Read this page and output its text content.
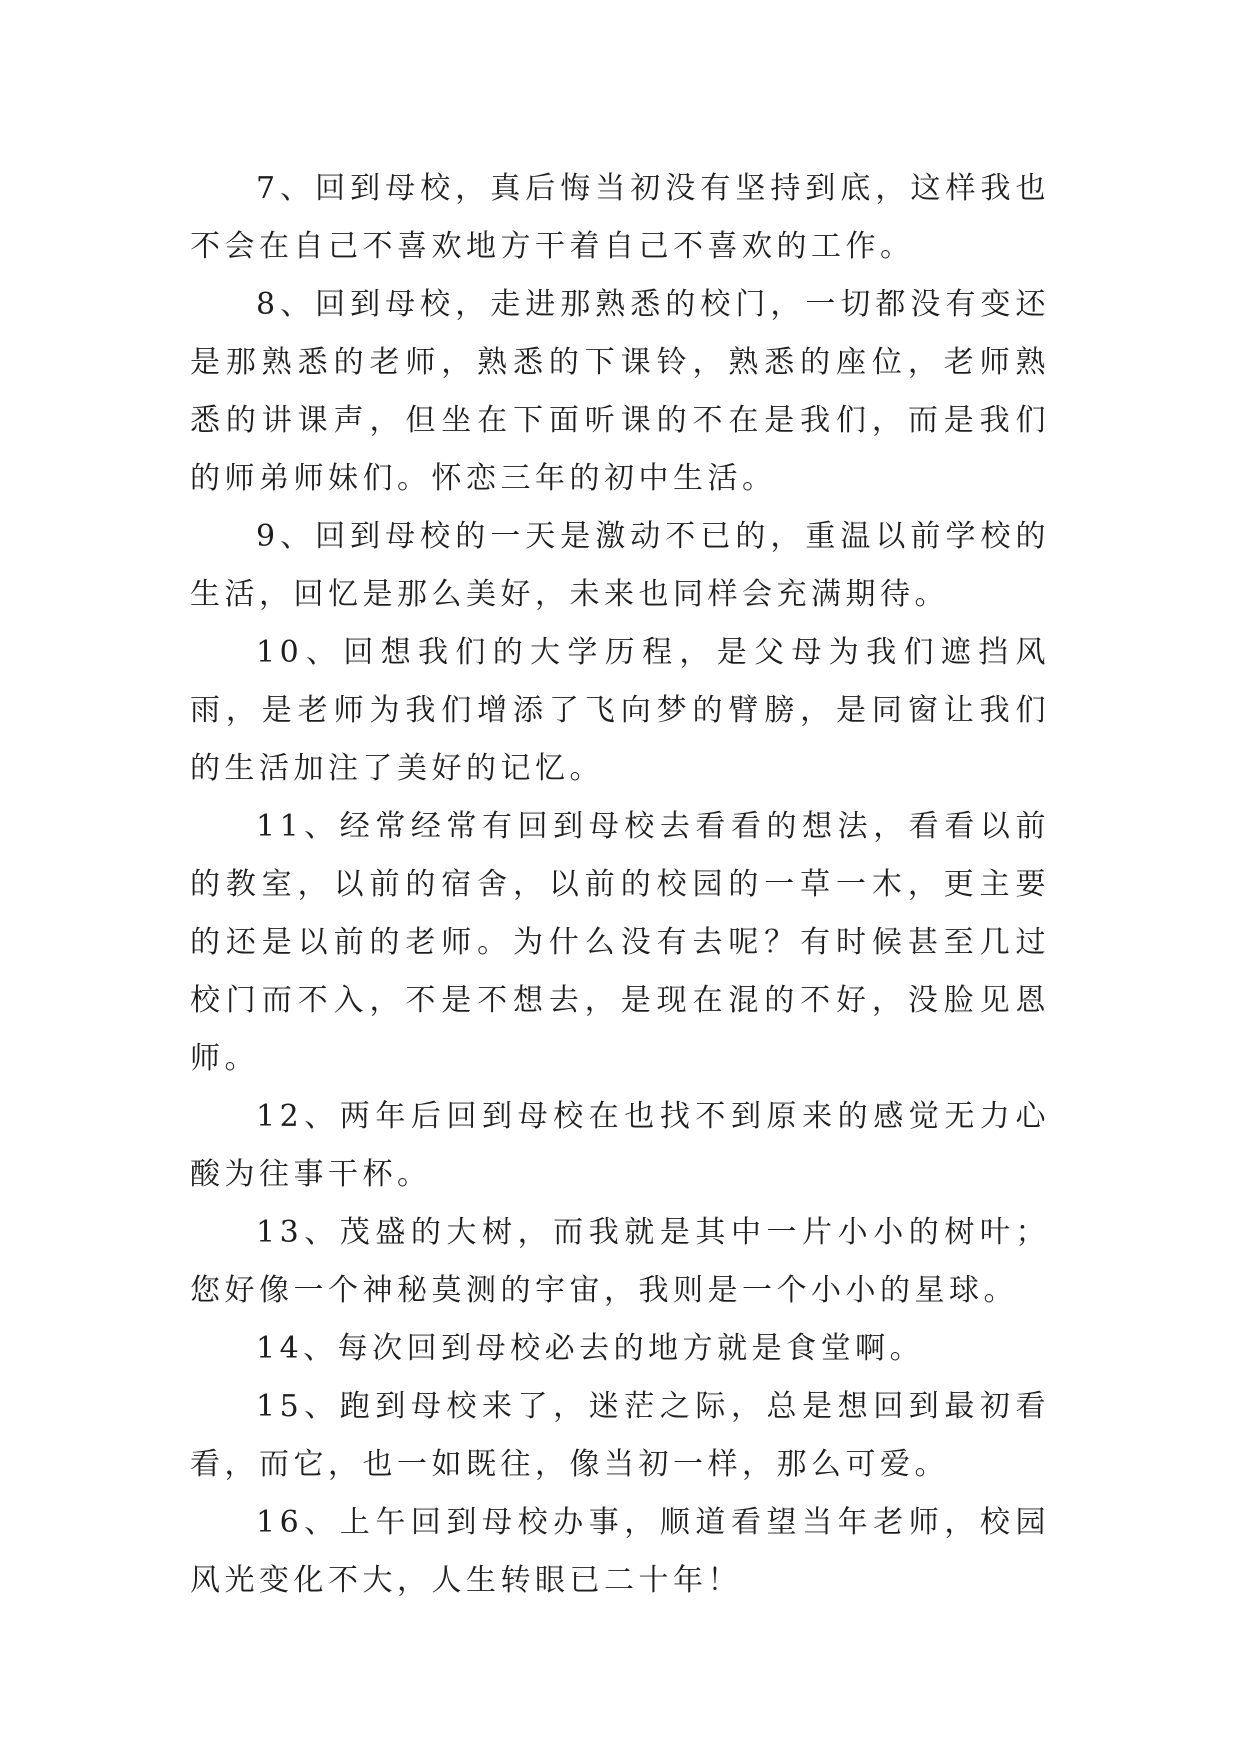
7、回到母校，真后悔当初没有坚持到底，这样我也不会在自己不喜欢地方干着自己不喜欢的工作。

8、回到母校，走进那熟悉的校门，一切都没有变还是那熟悉的老师，熟悉的下课铃，熟悉的座位，老师熟悉的讲课声，但坐在下面听课的不在是我们，而是我们的师弟师妹们。怀恋三年的初中生活。

9、回到母校的一天是激动不已的，重温以前学校的生活，回忆是那么美好，未来也同样会充满期待。

10、回想我们的大学历程，是父母为我们遮挡风雨，是老师为我们增添了飞向梦的臂膀，是同窗让我们的生活加注了美好的记忆。

11、经常经常有回到母校去看看的想法，看看以前的教室，以前的宿舍，以前的校园的一草一木，更主要的还是以前的老师。为什么没有去呢？有时候甚至几过校门而不入，不是不想去，是现在混的不好，没脸见恩师。

12、两年后回到母校在也找不到原来的感觉无力心酸为往事干杯。

13、茂盛的大树，而我就是其中一片小小的树叶；您好像一个神秘莫测的宇宙，我则是一个小小的星球。

14、每次回到母校必去的地方就是食堂啊。

15、跑到母校来了，迷茫之际，总是想回到最初看看，而它，也一如既往，像当初一样，那么可爱。

16、上午回到母校办事，顺道看望当年老师，校园风光变化不大，人生转眼已二十年！
